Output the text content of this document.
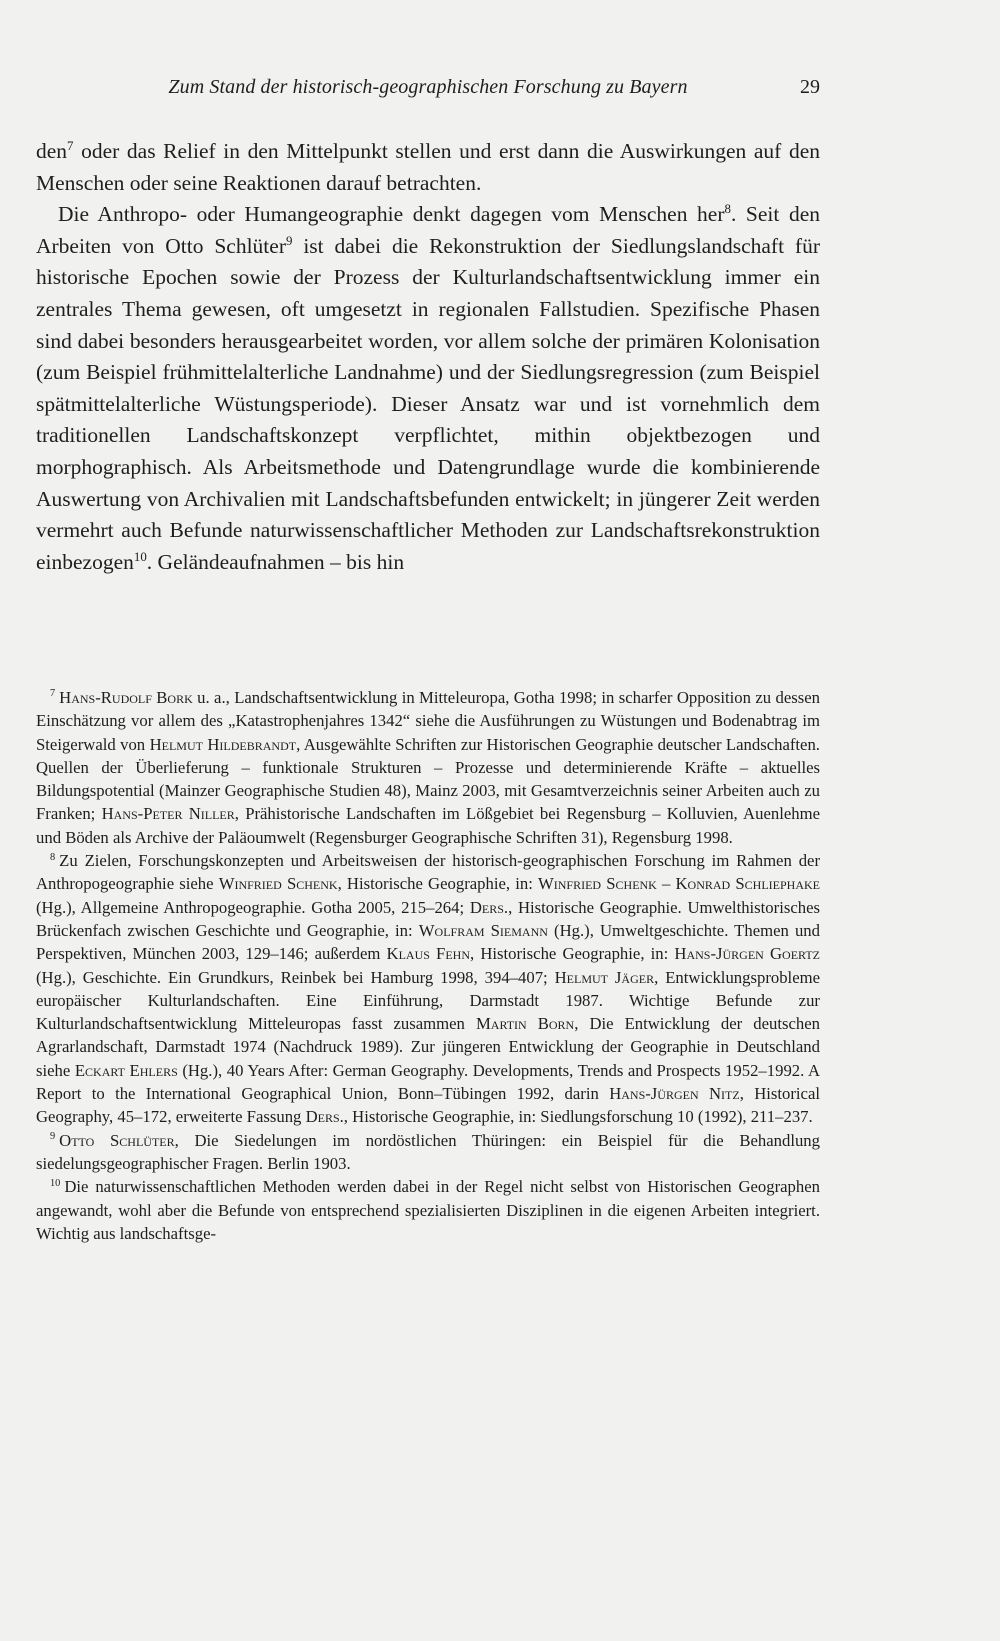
Zum Stand der historisch-geographischen Forschung zu Bayern	29

den$^7$ oder das Relief in den Mittelpunkt stellen und erst dann die Auswirkungen auf den Menschen oder seine Reaktionen darauf betrachten.

Die Anthropo- oder Humangeographie denkt dagegen vom Menschen her$^8$. Seit den Arbeiten von Otto Schlüter$^9$ ist dabei die Rekonstruktion der Siedlungslandschaft für historische Epochen sowie der Prozess der Kulturlandschaftsentwicklung immer ein zentrales Thema gewesen, oft umgesetzt in regionalen Fallstudien. Spezifische Phasen sind dabei besonders herausgearbeitet worden, vor allem solche der primären Kolonisation (zum Beispiel frühmittelalterliche Landnahme) und der Siedlungsregression (zum Beispiel spätmittelalterliche Wüstungsperiode). Dieser Ansatz war und ist vornehmlich dem traditionellen Landschaftskonzept verpflichtet, mithin objektbezogen und morphographisch. Als Arbeitsmethode und Datengrundlage wurde die kombinierende Auswertung von Archivalien mit Landschaftsbefunden entwickelt; in jüngerer Zeit werden vermehrt auch Befunde naturwissenschaftlicher Methoden zur Landschaftsrekonstruktion einbezogen$^{10}$. Geländeaufnahmen – bis hin

$^7$ Hans-Rudolf Bork u. a., Landschaftsentwicklung in Mitteleuropa, Gotha 1998; in scharfer Opposition zu dessen Einschätzung vor allem des „Katastrophenjahres 1342“ siehe die Ausführungen zu Wüstungen und Bodenabtrag im Steigerwald von Helmut Hildebrandt, Ausgewählte Schriften zur Historischen Geographie deutscher Landschaften. Quellen der Überlieferung – funktionale Strukturen – Prozesse und determinierende Kräfte – aktuelles Bildungspotential (Mainzer Geographische Studien 48), Mainz 2003, mit Gesamtverzeichnis seiner Arbeiten auch zu Franken; Hans-Peter Niller, Prähistorische Landschaften im Lößgebiet bei Regensburg – Kolluvien, Auenlehme und Böden als Archive der Paläoumwelt (Regensburger Geographische Schriften 31), Regensburg 1998.

$^8$ Zu Zielen, Forschungskonzepten und Arbeitsweisen der historisch-geographischen Forschung im Rahmen der Anthropogeographie siehe Winfried Schenk, Historische Geographie, in: Winfried Schenk – Konrad Schliephake (Hg.), Allgemeine Anthropogeographie. Gotha 2005, 215–264; Ders., Historische Geographie. Umwelthistorisches Brückenfach zwischen Geschichte und Geographie, in: Wolfram Siemann (Hg.), Umweltgeschichte. Themen und Perspektiven, München 2003, 129–146; außerdem Klaus Fehn, Historische Geographie, in: Hans-Jürgen Goertz (Hg.), Geschichte. Ein Grundkurs, Reinbek bei Hamburg 1998, 394–407; Helmut Jäger, Entwicklungsprobleme europäischer Kulturlandschaften. Eine Einführung, Darmstadt 1987. Wichtige Befunde zur Kulturlandschaftsentwicklung Mitteleuropas fasst zusammen Martin Born, Die Entwicklung der deutschen Agrarlandschaft, Darmstadt 1974 (Nachdruck 1989). Zur jüngeren Entwicklung der Geographie in Deutschland siehe Eckart Ehlers (Hg.), 40 Years After: German Geography. Developments, Trends and Prospects 1952–1992. A Report to the International Geographical Union, Bonn–Tübingen 1992, darin Hans-Jürgen Nitz, Historical Geography, 45–172, erweiterte Fassung Ders., Historische Geographie, in: Siedlungsforschung 10 (1992), 211–237.

$^9$ Otto Schlüter, Die Siedelungen im nordöstlichen Thüringen: ein Beispiel für die Behandlung siedelungsgeographischer Fragen. Berlin 1903.

$^{10}$ Die naturwissenschaftlichen Methoden werden dabei in der Regel nicht selbst von Historischen Geographen angewandt, wohl aber die Befunde von entsprechend spezialisierten Disziplinen in die eigenen Arbeiten integriert. Wichtig aus landschaftsge-
